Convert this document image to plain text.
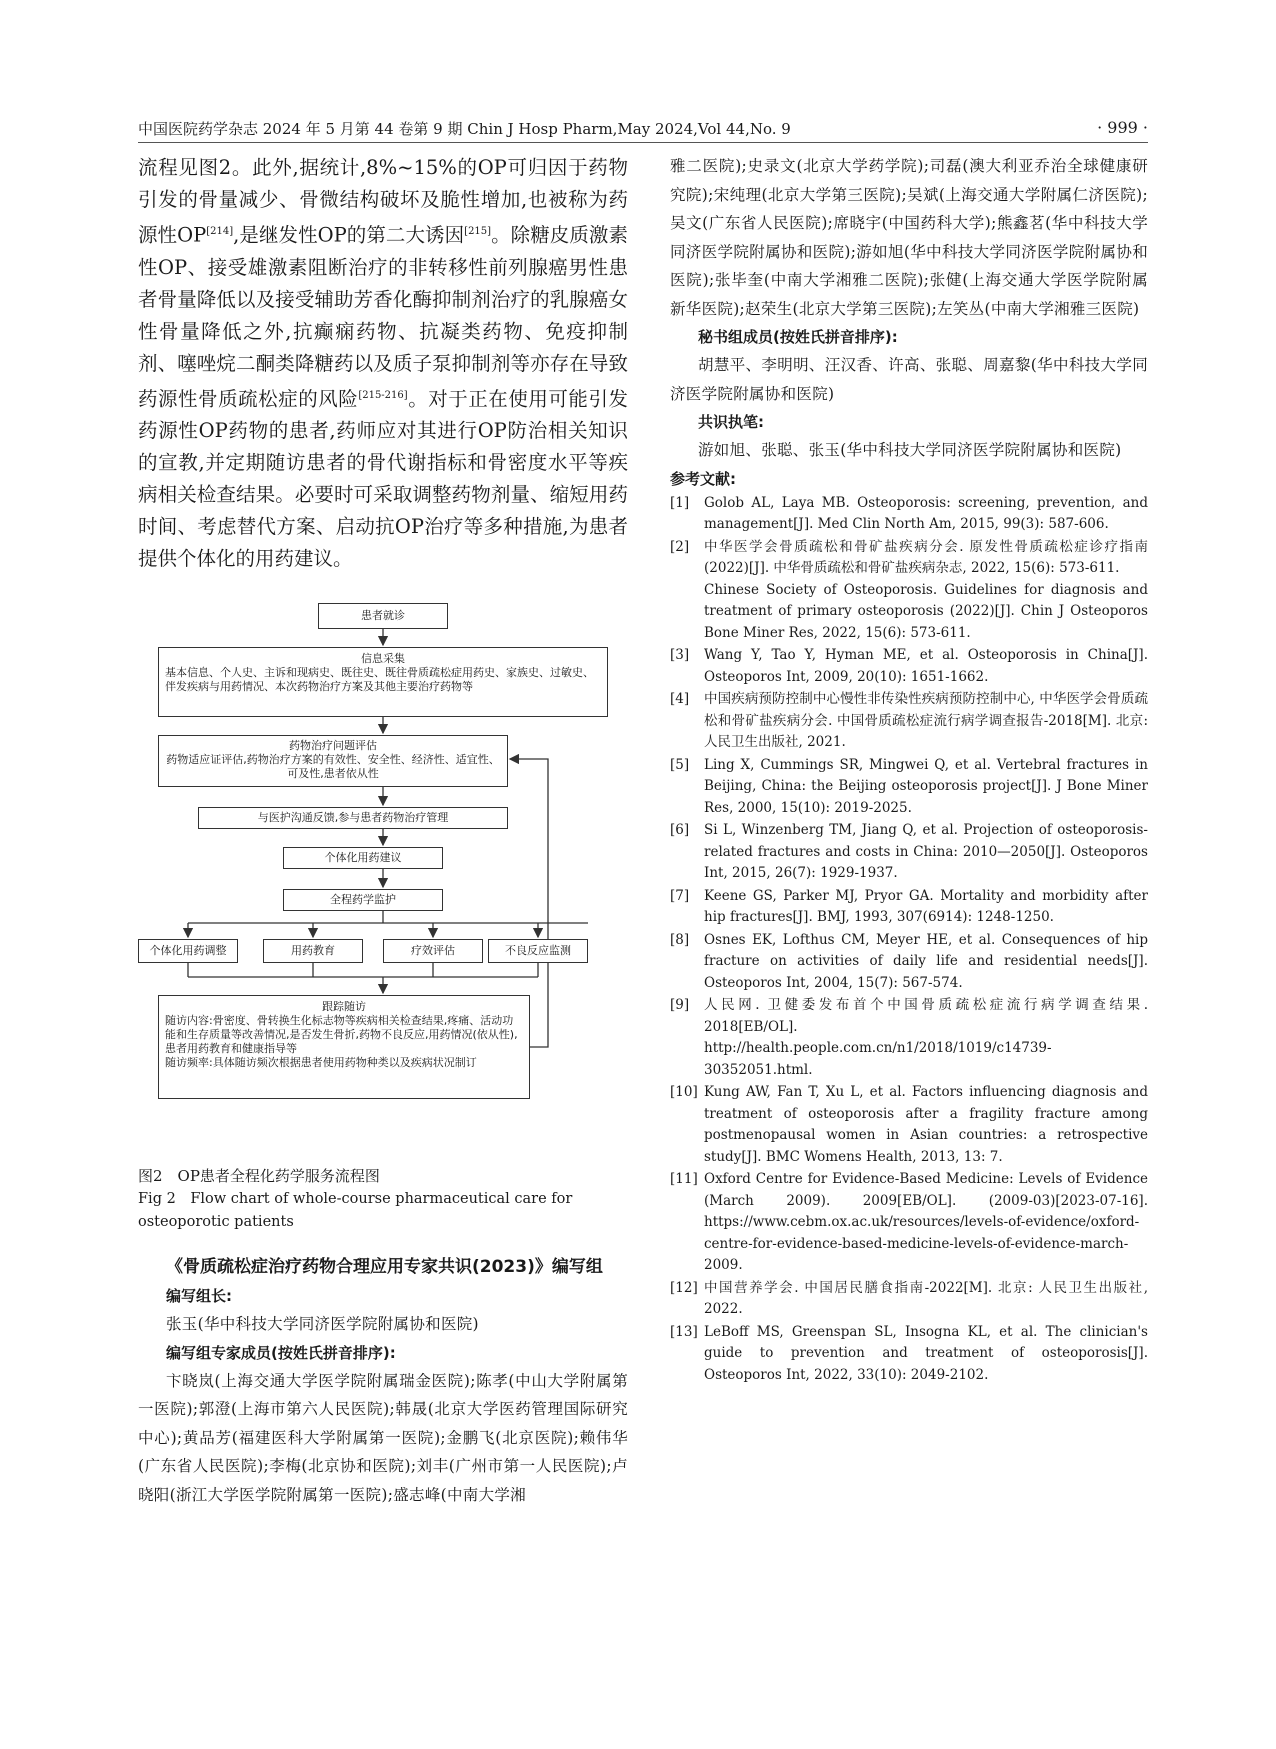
中国医院药学杂志 2024 年 5 月第 44 卷第 9 期 Chin J Hosp Pharm,May 2024,Vol 44,No. 9	· 999 ·

流程见图2。此外,据统计,8%~15%的OP可归因于药物引发的骨量减少、骨微结构破坏及脆性增加,也被称为药源性OP[214],是继发性OP的第二大诱因[215]。除糖皮质激素性OP、接受雄激素阻断治疗的非转移性前列腺癌男性患者骨量降低以及接受辅助芳香化酶抑制剂治疗的乳腺癌女性骨量降低之外,抗癫痫药物、抗凝类药物、免疫抑制剂、噻唑烷二酮类降糖药以及质子泵抑制剂等亦存在导致药源性骨质疏松症的风险[215-216]。对于正在使用可能引发药源性OP药物的患者,药师应对其进行OP防治相关知识的宣教,并定期随访患者的骨代谢指标和骨密度水平等疾病相关检查结果。必要时可采取调整药物剂量、缩短用药时间、考虑替代方案、启动抗OP治疗等多种措施,为患者提供个体化的用药建议。

患者就诊
信息采集
基本信息、个人史、主诉和现病史、既往史、既往骨质疏松症用药史、家族史、过敏史、伴发疾病与用药情况、本次药物治疗方案及其他主要治疗药物等
药物治疗问题评估
药物适应证评估,药物治疗方案的有效性、安全性、经济性、适宜性、可及性,患者依从性
与医护沟通反馈,参与患者药物治疗管理
个体化用药建议
全程药学监护
个体化用药调整	用药教育	疗效评估	不良反应监测
跟踪随访
随访内容:骨密度、骨转换生化标志物等疾病相关检查结果,疼痛、活动功能和生存质量等改善情况,是否发生骨折,药物不良反应,用药情况(依从性),患者用药教育和健康指导等
随访频率:具体随访频次根据患者使用药物种类以及疾病状况制订
图2　OP患者全程化药学服务流程图
Fig 2　Flow chart of whole-course pharmaceutical care for osteoporotic patients
《骨质疏松症治疗药物合理应用专家共识(2023)》编写组

编写组长:

张玉(华中科技大学同济医学院附属协和医院)

编写组专家成员(按姓氏拼音排序):

卞晓岚(上海交通大学医学院附属瑞金医院);陈孝(中山大学附属第一医院);郭澄(上海市第六人民医院);韩晟(北京大学医药管理国际研究中心);黄品芳(福建医科大学附属第一医院);金鹏飞(北京医院);赖伟华(广东省人民医院);李梅(北京协和医院);刘丰(广州市第一人民医院);卢晓阳(浙江大学医学院附属第一医院);盛志峰(中南大学湘

雅二医院);史录文(北京大学药学院);司磊(澳大利亚乔治全球健康研究院);宋纯理(北京大学第三医院);吴斌(上海交通大学附属仁济医院);吴文(广东省人民医院);席晓宇(中国药科大学);熊鑫茗(华中科技大学同济医学院附属协和医院);游如旭(华中科技大学同济医学院附属协和医院);张毕奎(中南大学湘雅二医院);张健(上海交通大学医学院附属新华医院);赵荣生(北京大学第三医院);左笑丛(中南大学湘雅三医院)

秘书组成员(按姓氏拼音排序):

胡慧平、李明明、汪汉香、许高、张聪、周嘉黎(华中科技大学同济医学院附属协和医院)

共识执笔:

游如旭、张聪、张玉(华中科技大学同济医学院附属协和医院)

参考文献:

[1]	Golob AL, Laya MB. Osteoporosis: screening, prevention, and management[J]. Med Clin North Am, 2015, 99(3): 587-606.
[2]	中华医学会骨质疏松和骨矿盐疾病分会. 原发性骨质疏松症诊疗指南(2022)[J]. 中华骨质疏松和骨矿盐疾病杂志, 2022, 15(6): 573-611.
Chinese Society of Osteoporosis. Guidelines for diagnosis and treatment of primary osteoporosis (2022)[J]. Chin J Osteoporos Bone Miner Res, 2022, 15(6): 573-611.
[3]	Wang Y, Tao Y, Hyman ME, et al. Osteoporosis in China[J]. Osteoporos Int, 2009, 20(10): 1651-1662.
[4]	中国疾病预防控制中心慢性非传染性疾病预防控制中心, 中华医学会骨质疏松和骨矿盐疾病分会. 中国骨质疏松症流行病学调查报告-2018[M]. 北京: 人民卫生出版社, 2021.
[5]	Ling X, Cummings SR, Mingwei Q, et al. Vertebral fractures in Beijing, China: the Beijing osteoporosis project[J]. J Bone Miner Res, 2000, 15(10): 2019-2025.
[6]	Si L, Winzenberg TM, Jiang Q, et al. Projection of osteoporosis-related fractures and costs in China: 2010—2050[J]. Osteoporos Int, 2015, 26(7): 1929-1937.
[7]	Keene GS, Parker MJ, Pryor GA. Mortality and morbidity after hip fractures[J]. BMJ, 1993, 307(6914): 1248-1250.
[8]	Osnes EK, Lofthus CM, Meyer HE, et al. Consequences of hip fracture on activities of daily life and residential needs[J]. Osteoporos Int, 2004, 15(7): 567-574.
[9]	人民网. 卫健委发布首个中国骨质疏松症流行病学调查结果. 2018[EB/OL]. http://health.people.com.cn/n1/2018/1019/c14739-30352051.html.
[10] Kung AW, Fan T, Xu L, et al. Factors influencing diagnosis and treatment of osteoporosis after a fragility fracture among postmenopausal women in Asian countries: a retrospective study[J]. BMC Womens Health, 2013, 13: 7.
[11] Oxford Centre for Evidence-Based Medicine: Levels of Evidence (March 2009). 2009[EB/OL]. (2009-03)[2023-07-16]. https://www.cebm.ox.ac.uk/resources/levels-of-evidence/oxford-centre-for-evidence-based-medicine-levels-of-evidence-march-2009.
[12] 中国营养学会. 中国居民膳食指南-2022[M]. 北京: 人民卫生出版社, 2022.
[13] LeBoff MS, Greenspan SL, Insogna KL, et al. The clinician's guide to prevention and treatment of osteoporosis[J]. Osteoporos Int, 2022, 33(10): 2049-2102.
